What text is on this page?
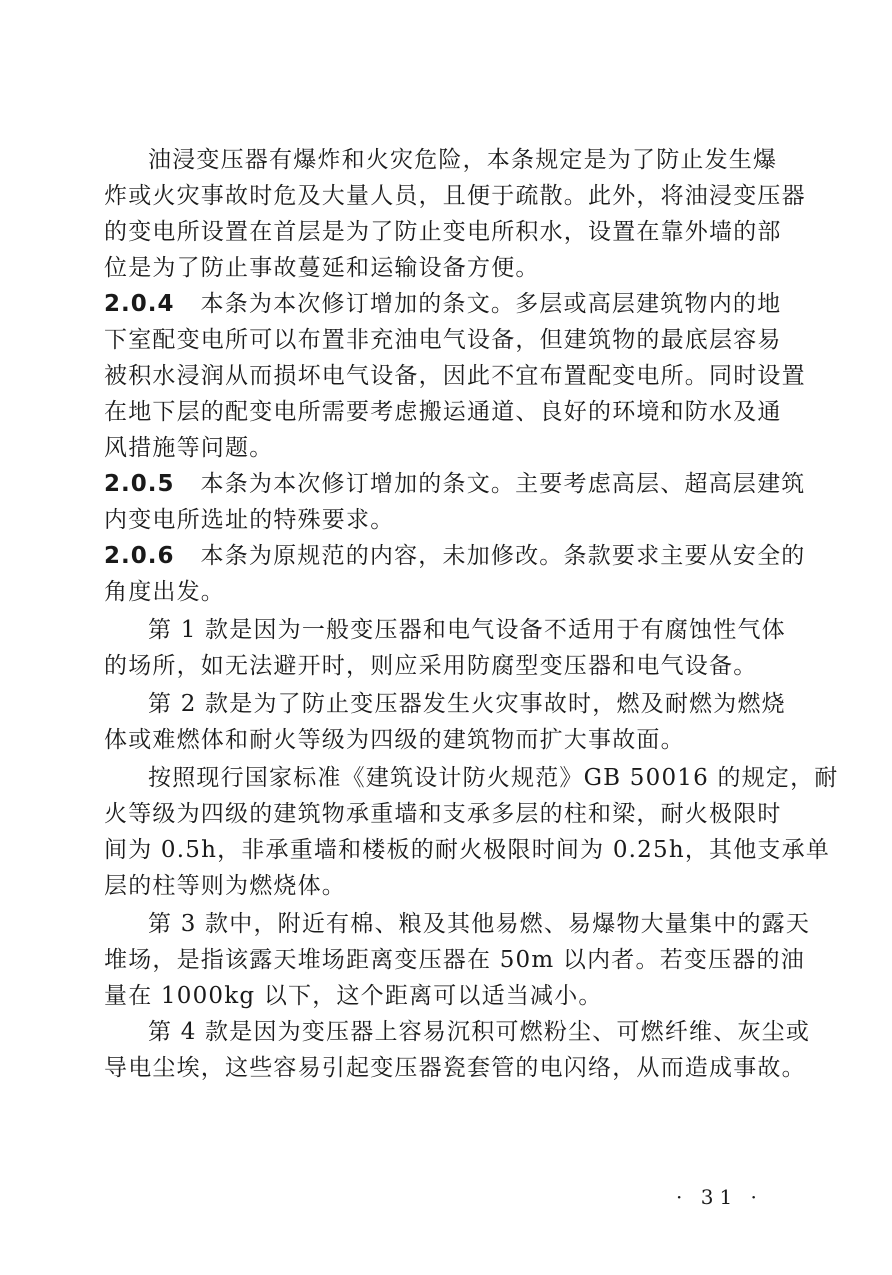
油浸变压器有爆炸和火灾危险，本条规定是为了防止发生爆
炸或火灾事故时危及大量人员，且便于疏散。此外，将油浸变压器
的变电所设置在首层是为了防止变电所积水，设置在靠外墙的部
位是为了防止事故蔓延和运输设备方便。
2.0.4 本条为本次修订增加的条文。多层或高层建筑物内的地
下室配变电所可以布置非充油电气设备，但建筑物的最底层容易
被积水浸润从而损坏电气设备，因此不宜布置配变电所。同时设置
在地下层的配变电所需要考虑搬运通道、良好的环境和防水及通
风措施等问题。
2.0.5 本条为本次修订增加的条文。主要考虑高层、超高层建筑
内变电所选址的特殊要求。
2.0.6 本条为原规范的内容，未加修改。条款要求主要从安全的
角度出发。
第 1 款是因为一般变压器和电气设备不适用于有腐蚀性气体
的场所，如无法避开时，则应采用防腐型变压器和电气设备。
第 2 款是为了防止变压器发生火灾事故时，燃及耐燃为燃烧
体或难燃体和耐火等级为四级的建筑物而扩大事故面。
按照现行国家标准《建筑设计防火规范》GB 50016 的规定，耐
火等级为四级的建筑物承重墙和支承多层的柱和梁，耐火极限时
间为 0.5h，非承重墙和楼板的耐火极限时间为 0.25h，其他支承单
层的柱等则为燃烧体。
第 3 款中，附近有棉、粮及其他易燃、易爆物大量集中的露天
堆场，是指该露天堆场距离变压器在 50m 以内者。若变压器的油
量在 1000kg 以下，这个距离可以适当减小。
第 4 款是因为变压器上容易沉积可燃粉尘、可燃纤维、灰尘或
导电尘埃，这些容易引起变压器瓷套管的电闪络，从而造成事故。
· 31 ·
